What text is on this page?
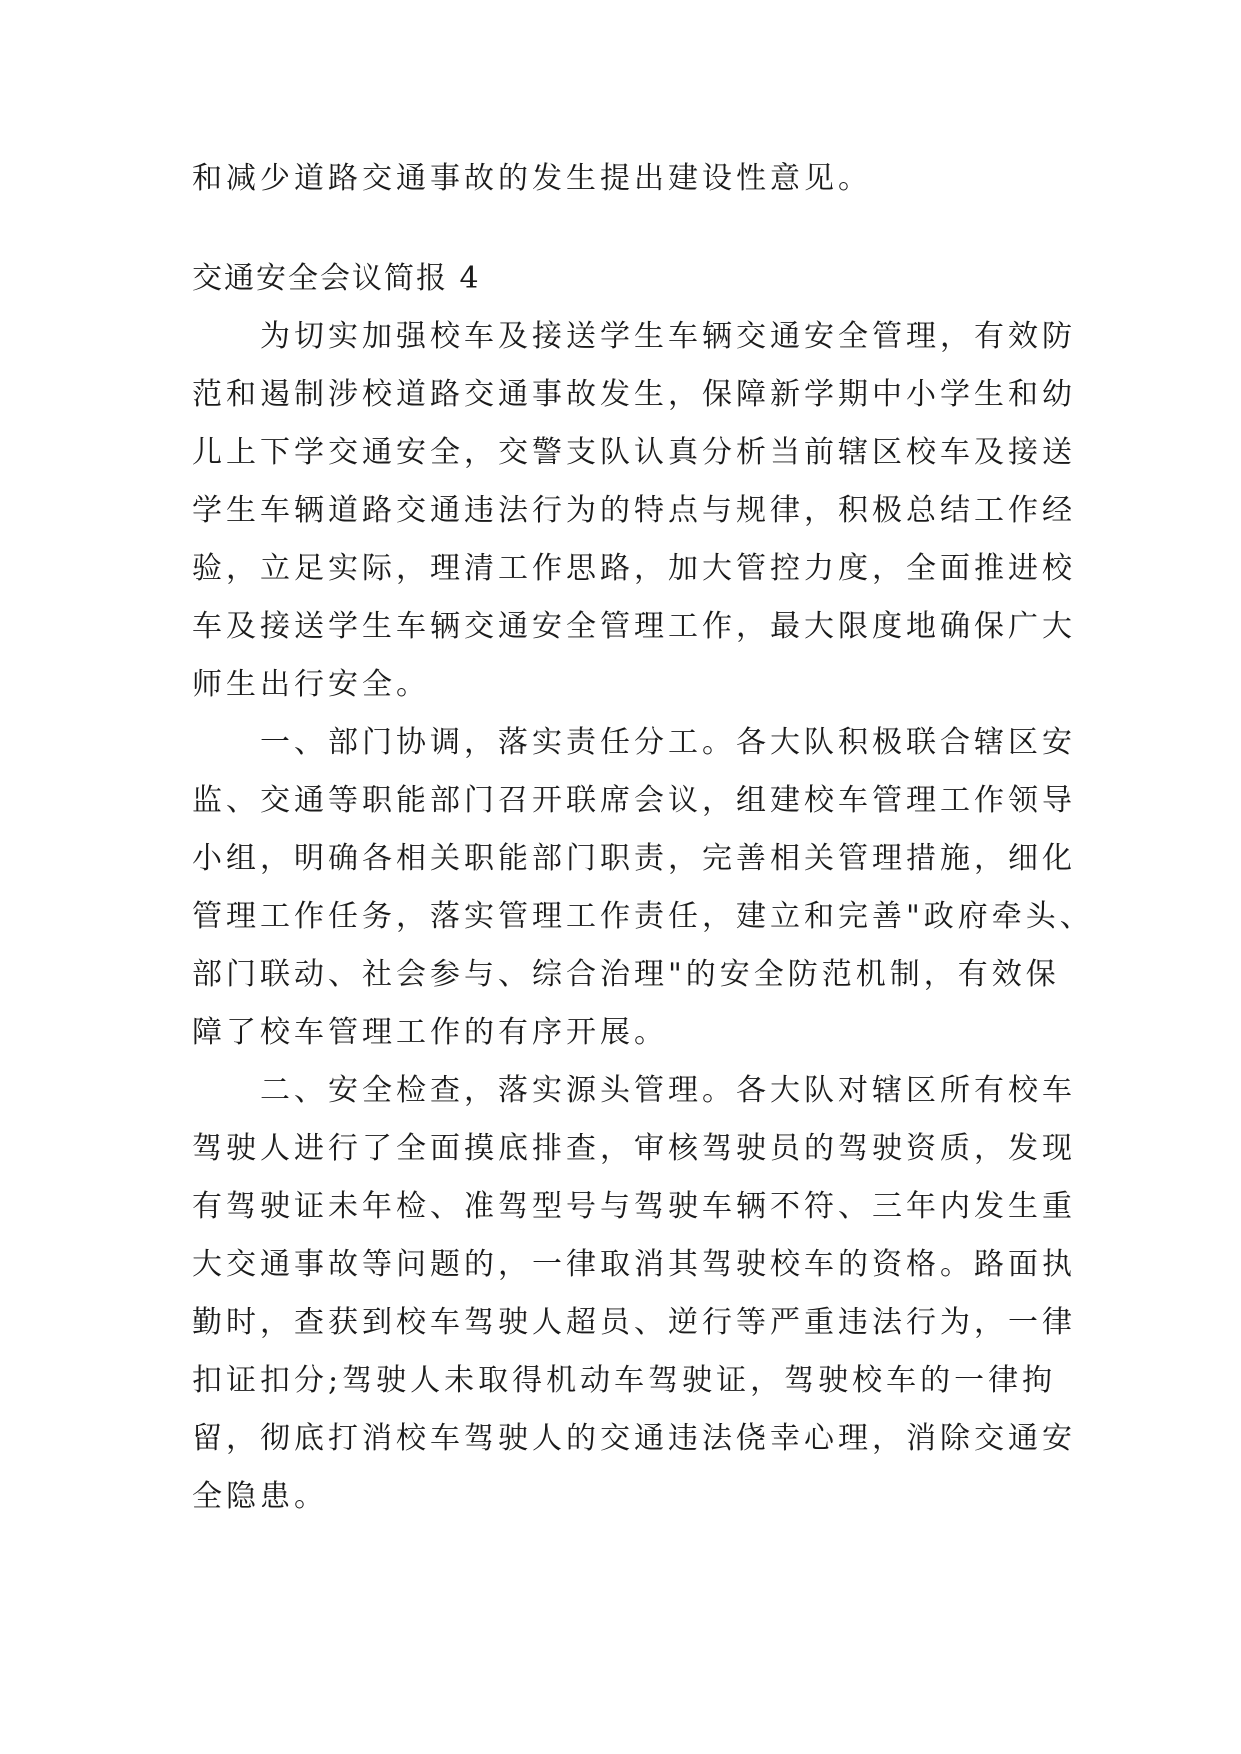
和减少道路交通事故的发生提出建设性意见。
交通安全会议简报 4
为切实加强校车及接送学生车辆交通安全管理，有效防
范和遏制涉校道路交通事故发生，保障新学期中小学生和幼
儿上下学交通安全，交警支队认真分析当前辖区校车及接送
学生车辆道路交通违法行为的特点与规律，积极总结工作经
验，立足实际，理清工作思路，加大管控力度，全面推进校
车及接送学生车辆交通安全管理工作，最大限度地确保广大
师生出行安全。
一、部门协调，落实责任分工。各大队积极联合辖区安
监、交通等职能部门召开联席会议，组建校车管理工作领导
小组，明确各相关职能部门职责，完善相关管理措施，细化
管理工作任务，落实管理工作责任，建立和完善"政府牵头、
部门联动、社会参与、综合治理"的安全防范机制，有效保
障了校车管理工作的有序开展。
二、安全检查，落实源头管理。各大队对辖区所有校车
驾驶人进行了全面摸底排查，审核驾驶员的驾驶资质，发现
有驾驶证未年检、准驾型号与驾驶车辆不符、三年内发生重
大交通事故等问题的，一律取消其驾驶校车的资格。路面执
勤时，查获到校车驾驶人超员、逆行等严重违法行为，一律
扣证扣分;驾驶人未取得机动车驾驶证，驾驶校车的一律拘
留，彻底打消校车驾驶人的交通违法侥幸心理，消除交通安
全隐患。
